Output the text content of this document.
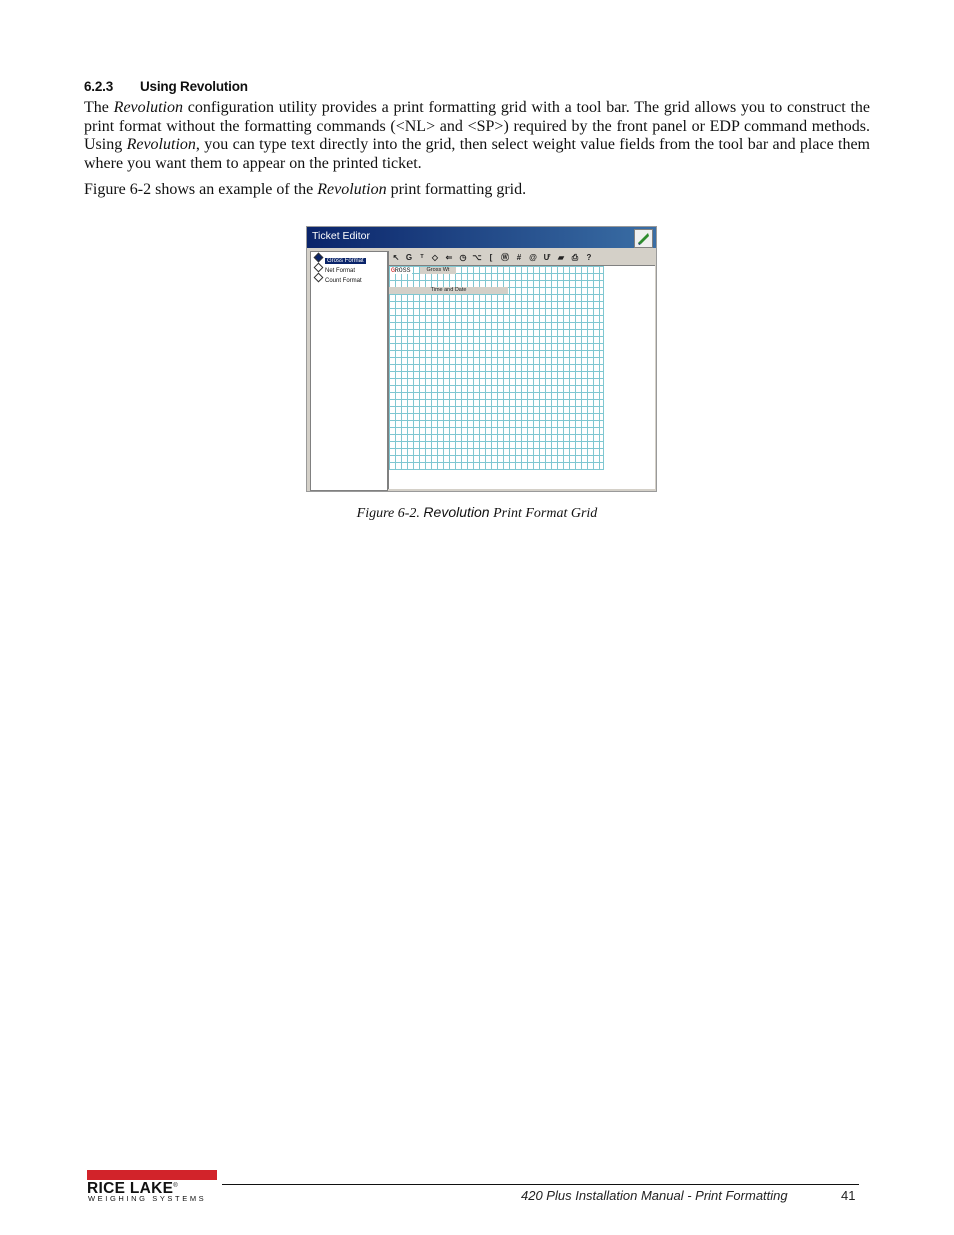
6.2.3 Using Revolution

The Revolution configuration utility provides a print formatting grid with a tool bar. The grid allows you to construct the print format without the formatting commands (<NL> and <SP>) required by the front panel or EDP command methods. Using Revolution, you can type text directly into the grid, then select weight value fields from the tool bar and place them where you want them to appear on the printed ticket.

Figure 6-2 shows an example of the Revolution print formatting grid.

Ticket Editor
Gross Format
Net Format
Count Format
↖ G	ᵀ	◇ ⇐ ◷ ⌥	[	Ⓦ # @ Ư ▰ ⎙	?
GROSS	Gross Wt
Time and Date
Figure 6-2. Revolution Print Format Grid
RICE LAKE®
WEIGHING SYSTEMS	420 Plus Installation Manual - Print Formatting	41
